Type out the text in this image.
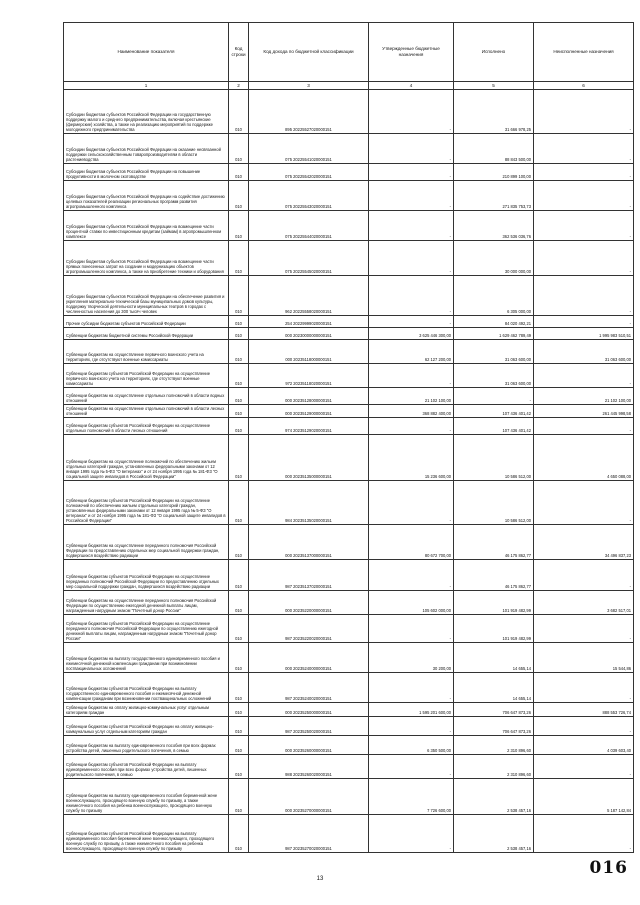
Наименование показателя	Код строки	Код дохода по бюджетной классификации	Утвержденные бюджетные назначения	Исполнено	Неисполненные назначения
1	2	3	4	5	6
Субсидии бюджетам субъектов Российской Федерации на государственную поддержку малого и среднего предпринимательства, включая крестьянские (фермерские) хозяйства, а также на реализацию мероприятий по поддержке молодежного предпринимательства	010	895 20225527020000151	-	31 666 978,25	-
Субсидии бюджетам субъектов Российской Федерации на оказание несвязанной поддержки сельскохозяйственным товаропроизводителям в области растениеводства	010	075 20225541020000151	-	88 843 500,00	-
Субсидии бюджетам субъектов Российской Федерации на повышение продуктивности в молочном скотоводстве	010	075 20225542020000151	-	210 899 100,00	-
Субсидии бюджетам субъектов Российской Федерации на содействие достижению целевых показателей реализации региональных программ развития агропромышленного комплекса	010	075 20225543020000151	-	271 835 753,73	-
Субсидии бюджетам субъектов Российской Федерации на возмещение части процентной ставки по инвестиционным кредитам (займам) в агропромышленном комплексе	010	075 20225544020000151	-	362 536 036,76	-
Субсидии бюджетам субъектов Российской Федерации на возмещение части прямых понесенных затрат на создание и модернизацию объектов агропромышленного комплекса, а также на приобретение техники и оборудования	010	075 20225545020000151	-	30 000 000,00	-
Субсидии бюджетам субъектов Российской Федерации на обеспечение развития и укрепления материально-технической базы муниципальных домов культуры, поддержку творческой деятельности муниципальных театров в городах с численностью населения до 300 тысяч человек	010	962 20225558020000151	-	6 305 000,00	-
Прочие субсидии бюджетам субъектов Российской Федерации	010	254 20229999020000151	-	84 020 492,21	-
Субвенции бюджетам бюджетной системы Российской Федерации	010	000 20230000000000151	3 625 446 300,00	1 629 462 789,49	1 995 983 510,51
Субвенции бюджетам на осуществление первичного воинского учета на территориях, где отсутствуют военные комиссариаты	010	000 20235118000000151	62 127 200,00	31 063 600,00	31 063 600,00
Субвенции бюджетам субъектов Российской Федерации на осуществление первичного воинского учета на территориях, где отсутствуют военные комиссариаты	010	972 20235118020000151	-	31 063 600,00	-
Субвенции бюджетам на осуществление отдельных полномочий в области водных отношений	010	000 20235128000000151	21 102 100,00	-	21 102 100,00
Субвенции бюджетам на осуществление отдельных полномочий в области лесных отношений	010	000 20235129000000151	368 882 400,00	107 436 401,42	261 445 998,58
Субвенции бюджетам субъектов Российской Федерации на осуществление отдельных полномочий в области лесных отношений	010	974 20235129020000151	-	107 436 401,42	-
Субвенции бюджетам на осуществление полномочий по обеспечению жильем отдельных категорий граждан, установленных федеральными законами от 12 января 1995 года № 5-ФЗ "О ветеранах" и от 24 ноября 1995 года № 181-ФЗ "О социальной защите инвалидов в Российской Федерации"	010	000 20235135000000151	15 236 600,00	10 586 512,00	4 650 088,00
Субвенции бюджетам субъектов Российской Федерации на осуществление полномочий по обеспечению жильем отдельных категорий граждан, установленных федеральными законами от 12 января 1995 года № 5-ФЗ "О ветеранах" и от 24 ноября 1995 года № 181-ФЗ "О социальной защите инвалидов в Российской Федерации"	010	984 20235135020000151	-	10 586 512,00	-
Субвенции бюджетам на осуществление переданного полномочия Российской Федерации по предоставлению отдельных мер социальной поддержки граждан, подвергшихся воздействию радиации	010	000 20235137000000151	80 672 700,00	46 175 862,77	34 496 837,23
Субвенции бюджетам субъектов Российской Федерации на осуществление переданных полномочий Российской Федерации по предоставлению отдельных мер социальной поддержки граждан, подвергшихся воздействию радиации	010	987 20235137020000151	-	46 175 862,77	-
Субвенции бюджетам на осуществление переданного полномочия Российской Федерации по осуществлению ежегодной денежной выплаты лицам, награжденным нагрудным знаком "Почетный донор России"	010	000 20235220000000151	105 602 000,00	101 919 482,99	3 682 517,01
Субвенции бюджетам субъектов Российской Федерации на осуществление переданного полномочия Российской Федерации по осуществлению ежегодной денежной выплаты лицам, награжденным нагрудным знаком "Почетный донор России"	010	987 20235220020000151	-	101 919 482,99	-
Субвенции бюджетам на выплату государственного единовременного пособия и ежемесячной денежной компенсации гражданам при возникновении поствакцинальных осложнений	010	000 20235240000000151	30 200,00	14 655,14	15 544,86
Субвенции бюджетам субъектов Российской Федерации на выплату государственного единовременного пособия и ежемесячной денежной компенсации гражданам при возникновении поствакцинальных осложнений	010	987 20235240020000151	-	14 655,14	-
Субвенции бюджетам на оплату жилищно-коммунальных услуг отдельным категориям граждан	010	000 20235250000000151	1 595 201 600,00	706 647 873,26	888 553 726,74
Субвенции бюджетам субъектов Российской Федерации на оплату жилищно-коммунальных услуг отдельным категориям граждан	010	987 20235250020000151	-	706 647 873,26	-
Субвенции бюджетам на выплату единовременного пособия при всех формах устройства детей, лишенных родительского попечения, в семью	010	000 20235260000000151	6 350 500,00	2 310 896,60	4 039 603,40
Субвенции бюджетам субъектов Российской Федерации на выплату единовременного пособия при всех формах устройства детей, лишенных родительского попечения, в семью	010	988 20235260020000151	-	2 310 896,60	-
Субвенции бюджетам на выплату единовременного пособия беременной жене военнослужащего, проходящего военную службу по призыву, а также ежемесячного пособия на ребенка военнослужащего, проходящего военную службу по призыву	010	000 20235270000000151	7 726 600,00	2 538 457,16	5 187 142,84
Субвенции бюджетам субъектов Российской Федерации на выплату единовременного пособия беременной жене военнослужащего, проходящего военную службу по призыву, а также ежемесячного пособия на ребенка военнослужащего, проходящего военную службу по призыву	010	987 20235270020000151	-	2 538 457,16	-
13
016
